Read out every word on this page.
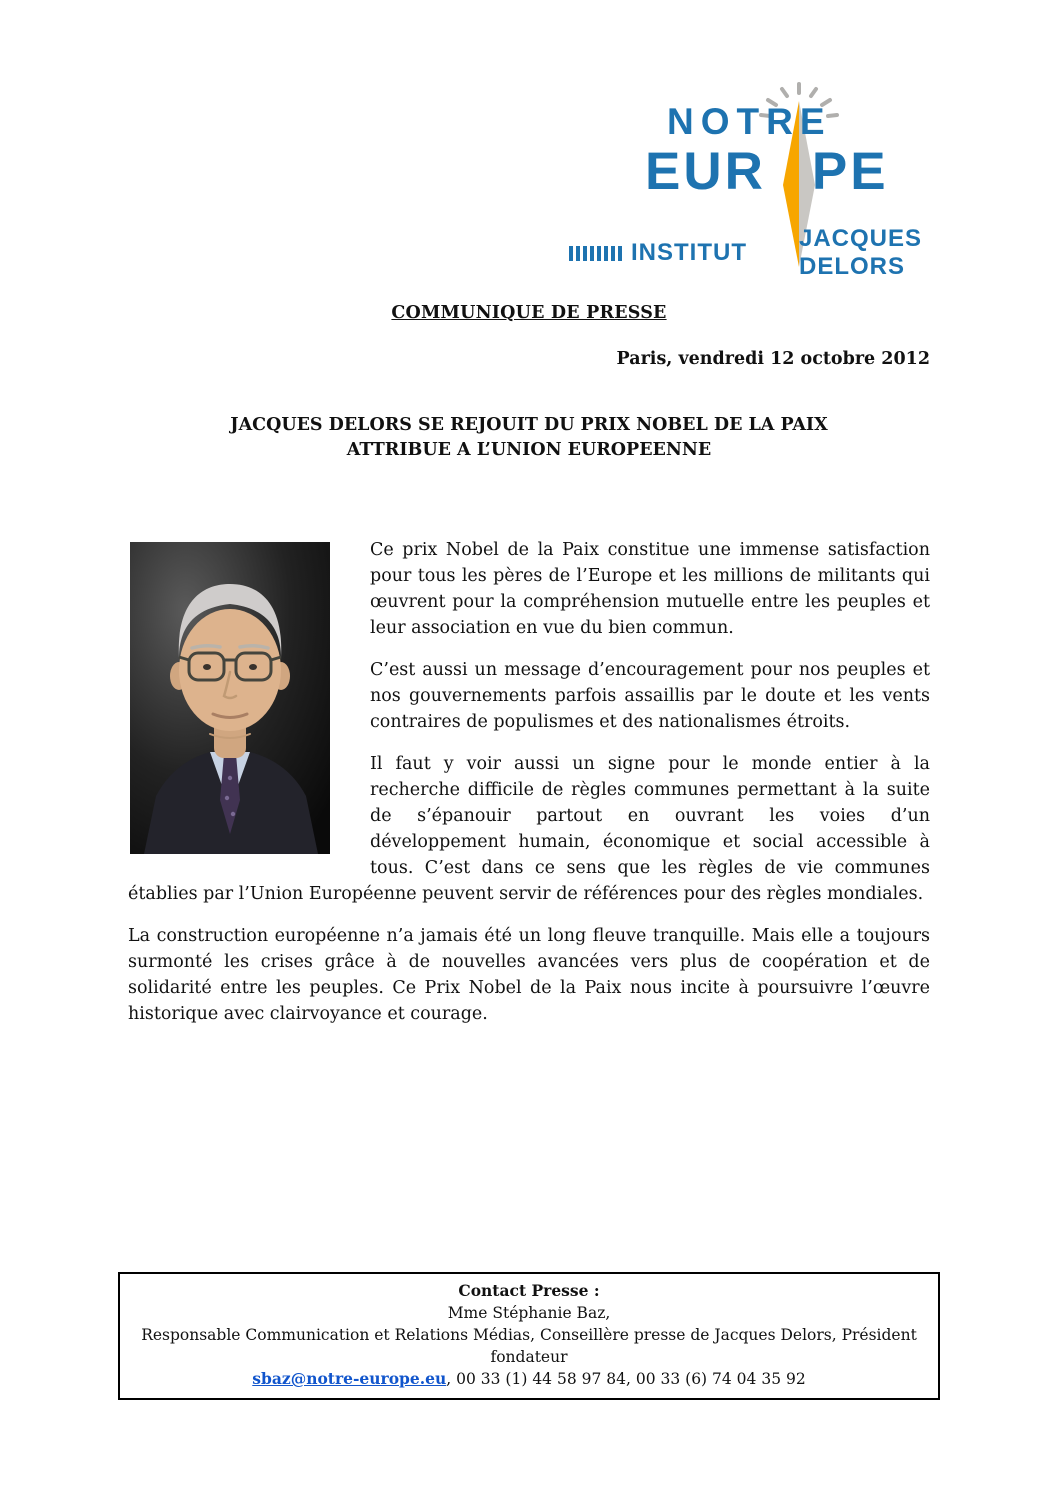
NOTRE
EUR PE
INSTITUT
JACQUES DELORS
COMMUNIQUE DE PRESSE
Paris, vendredi 12 octobre 2012
JACQUES DELORS SE REJOUIT DU PRIX NOBEL DE LA PAIX
ATTRIBUE A L’UNION EUROPEENNE

Ce prix Nobel de la Paix constitue une immense satisfaction pour tous les pères de l’Europe et les millions de militants qui œuvrent pour la compréhension mutuelle entre les peuples et leur association en vue du bien commun.

C’est aussi un message d’encouragement pour nos peuples et nos gouvernements parfois assaillis par le doute et les vents contraires de populismes et des nationalismes étroits.

Il faut y voir aussi un signe pour le monde entier à la recherche difficile de règles communes permettant à la suite de s’épanouir partout en ouvrant les voies d’un développement humain, économique et social accessible à tous. C’est dans ce sens que les règles de vie communes établies par l’Union Européenne peuvent servir de références pour des règles mondiales.

La construction européenne n’a jamais été un long fleuve tranquille. Mais elle a toujours surmonté les crises grâce à de nouvelles avancées vers plus de coopération et de solidarité entre les peuples. Ce Prix Nobel de la Paix nous incite à poursuivre l’œuvre historique avec clairvoyance et courage.

Contact Presse :
Mme Stéphanie Baz,
Responsable Communication et Relations Médias, Conseillère presse de Jacques Delors, Président fondateur
sbaz@notre-europe.eu, 00 33 (1) 44 58 97 84, 00 33 (6) 74 04 35 92
